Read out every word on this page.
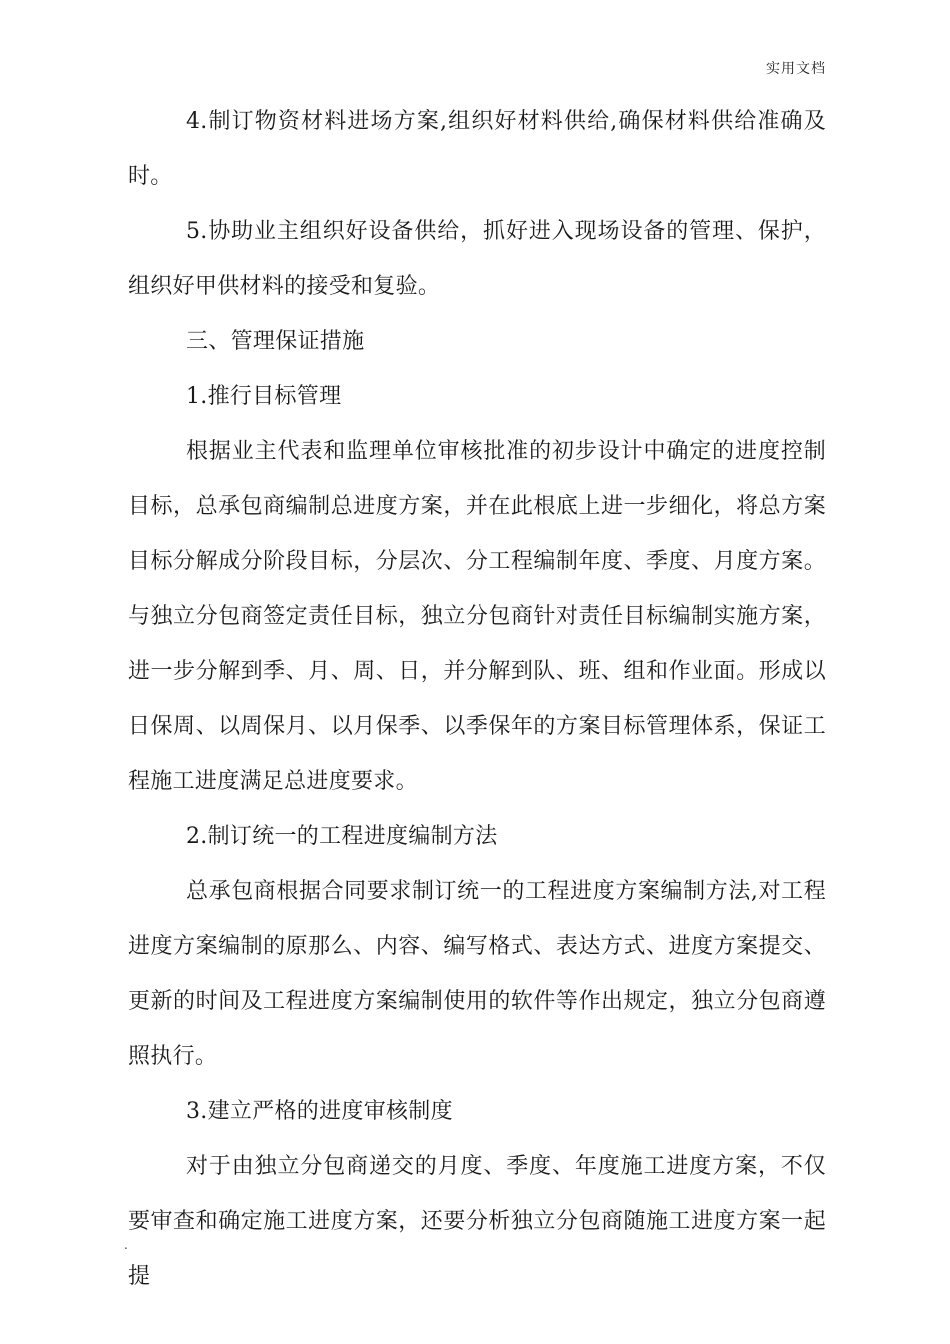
实用文档

4.制订物资材料进场方案,组织好材料供给,确保材料供给准确及时。

5.协助业主组织好设备供给，抓好进入现场设备的管理、保护，组织好甲供材料的接受和复验。

三、管理保证措施

1.推行目标管理

根据业主代表和监理单位审核批准的初步设计中确定的进度控制目标，总承包商编制总进度方案，并在此根底上进一步细化，将总方案目标分解成分阶段目标，分层次、分工程编制年度、季度、月度方案。与独立分包商签定责任目标，独立分包商针对责任目标编制实施方案，进一步分解到季、月、周、日，并分解到队、班、组和作业面。形成以日保周、以周保月、以月保季、以季保年的方案目标管理体系，保证工程施工进度满足总进度要求。

2.制订统一的工程进度编制方法

总承包商根据合同要求制订统一的工程进度方案编制方法,对工程进度方案编制的原那么、内容、编写格式、表达方式、进度方案提交、更新的时间及工程进度方案编制使用的软件等作出规定，独立分包商遵照执行。

3.建立严格的进度审核制度

对于由独立分包商递交的月度、季度、年度施工进度方案，不仅要审查和确定施工进度方案，还要分析独立分包商随施工进度方案一起提

.
